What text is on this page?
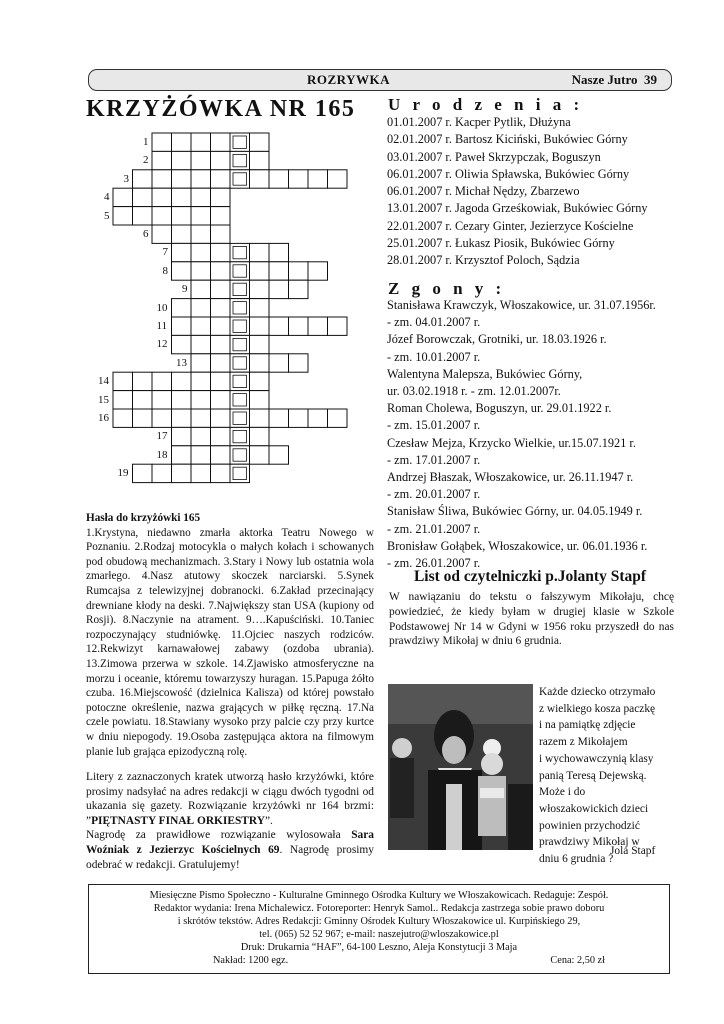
ROZRYWKA	Nasze Jutro 39
KRZYŻÓWKA NR 165
1
2
3
4
5
6
7
8
9
10
11
12
13
14
15
16
17
18
19

Hasła do krzyżówki 165

1.Krystyna, niedawno zmarła aktorka Teatru Nowego w Poznaniu. 2.Rodzaj motocykla o małych kołach i schowanych pod obudową mechanizmach. 3.Stary i Nowy lub ostatnia wola zmarłego. 4.Nasz atutowy skoczek narciarski. 5.Synek Rumcajsa z telewizyjnej dobranocki. 6.Zakład przecinający drewniane kłody na deski. 7.Największy stan USA (kupiony od Rosji). 8.Naczynie na atrament. 9….Kapuściński. 10.Taniec rozpoczynający studniówkę. 11.Ojciec naszych rodziców. 12.Rekwizyt karnawałowej zabawy (ozdoba ubrania). 13.Zimowa przerwa w szkole. 14.Zjawisko atmosferyczne na morzu i oceanie, któremu towarzyszy huragan. 15.Papuga żółto czuba. 16.Miejscowość (dzielnica Kalisza) od której powstało potoczne określenie, nazwa grających w piłkę ręczną. 17.Na czele powiatu. 18.Stawiany wysoko przy palcie czy przy kurtce w dniu niepogody. 19.Osoba zastępująca aktora na filmowym planie lub grająca epizodyczną rolę.

Litery z zaznaczonych kratek utworzą hasło krzyżówki, które prosimy nadsyłać na adres redakcji w ciągu dwóch tygodni od ukazania się gazety. Rozwiązanie krzyżówki nr 164 brzmi: ”PIĘTNASTY FINAŁ ORKIESTRY”.

Nagrodę za prawidłowe rozwiązanie wylosowała Sara Woźniak z Jezierzyc Kościelnych 69. Nagrodę prosimy odebrać w redakcji. Gratulujemy!

U r o d z e n i a :
01.01.2007 r. Kacper Pytlik, Dłużyna
02.01.2007 r. Bartosz Kiciński, Bukówiec Górny
03.01.2007 r. Paweł Skrzypczak, Boguszyn
06.01.2007 r. Oliwia Spławska, Bukówiec Górny
06.01.2007 r. Michał Nędzy, Zbarzewo
13.01.2007 r. Jagoda Grześkowiak, Bukówiec Górny
22.01.2007 r. Cezary Ginter, Jezierzyce Kościelne
25.01.2007 r. Łukasz Piosik, Bukówiec Górny
28.01.2007 r. Krzysztof Poloch, Sądzia
Z g o n y :
Stanisława Krawczyk, Włoszakowice, ur. 31.07.1956r.
- zm. 04.01.2007 r.
Józef Borowczak, Grotniki, ur. 18.03.1926 r.
- zm. 10.01.2007 r.
Walentyna Malepsza, Bukówiec Górny,
ur. 03.02.1918 r. - zm. 12.01.2007r.
Roman Cholewa, Boguszyn, ur. 29.01.1922 r.
- zm. 15.01.2007 r.
Czesław Mejza, Krzycko Wielkie, ur.15.07.1921 r.
- zm. 17.01.2007 r.
Andrzej Błaszak, Włoszakowice, ur. 26.11.1947 r.
- zm. 20.01.2007 r.
Stanisław Śliwa, Bukówiec Górny, ur. 04.05.1949 r.
- zm. 21.01.2007 r.
Bronisław Gołąbek, Włoszakowice, ur. 06.01.1936 r.
- zm. 26.01.2007 r.
List od czytelniczki p.Jolanty Stapf
W nawiązaniu do tekstu o fałszywym Mikołaju, chcę powiedzieć, że kiedy byłam w drugiej klasie w Szkole Podstawowej Nr 14 w Gdyni w 1956 roku przyszedł do nas prawdziwy Mikołaj w dniu 6 grudnia.
Każde dziecko otrzymało
z wielkiego kosza paczkę
i na pamiątkę zdjęcie
razem z Mikołajem
i wychowawczynią klasy
panią Teresą Dejewską.
Może i do
włoszakowickich dzieci
powinien przychodzić
prawdziwy Mikołaj w
dniu 6 grudnia ?
Jola Stapf
Miesięczne Pismo Społeczno - Kulturalne Gminnego Ośrodka Kultury we Włoszakowicach. Redaguje: Zespół.
Redaktor wydania: Irena Michalewicz. Fotoreporter: Henryk Samol.. Redakcja zastrzega sobie prawo doboru
i skrótów tekstów. Adres Redakcji: Gminny Ośrodek Kultury Włoszakowice ul. Kurpińskiego 29,
tel. (065) 52 52 967; e-mail: naszejutro@wloszakowice.pl
Druk: Drukarnia “HAF”, 64-100 Leszno, Aleja Konstytucji 3 Maja
Nakład: 1200 egz.	Cena: 2,50 zł
